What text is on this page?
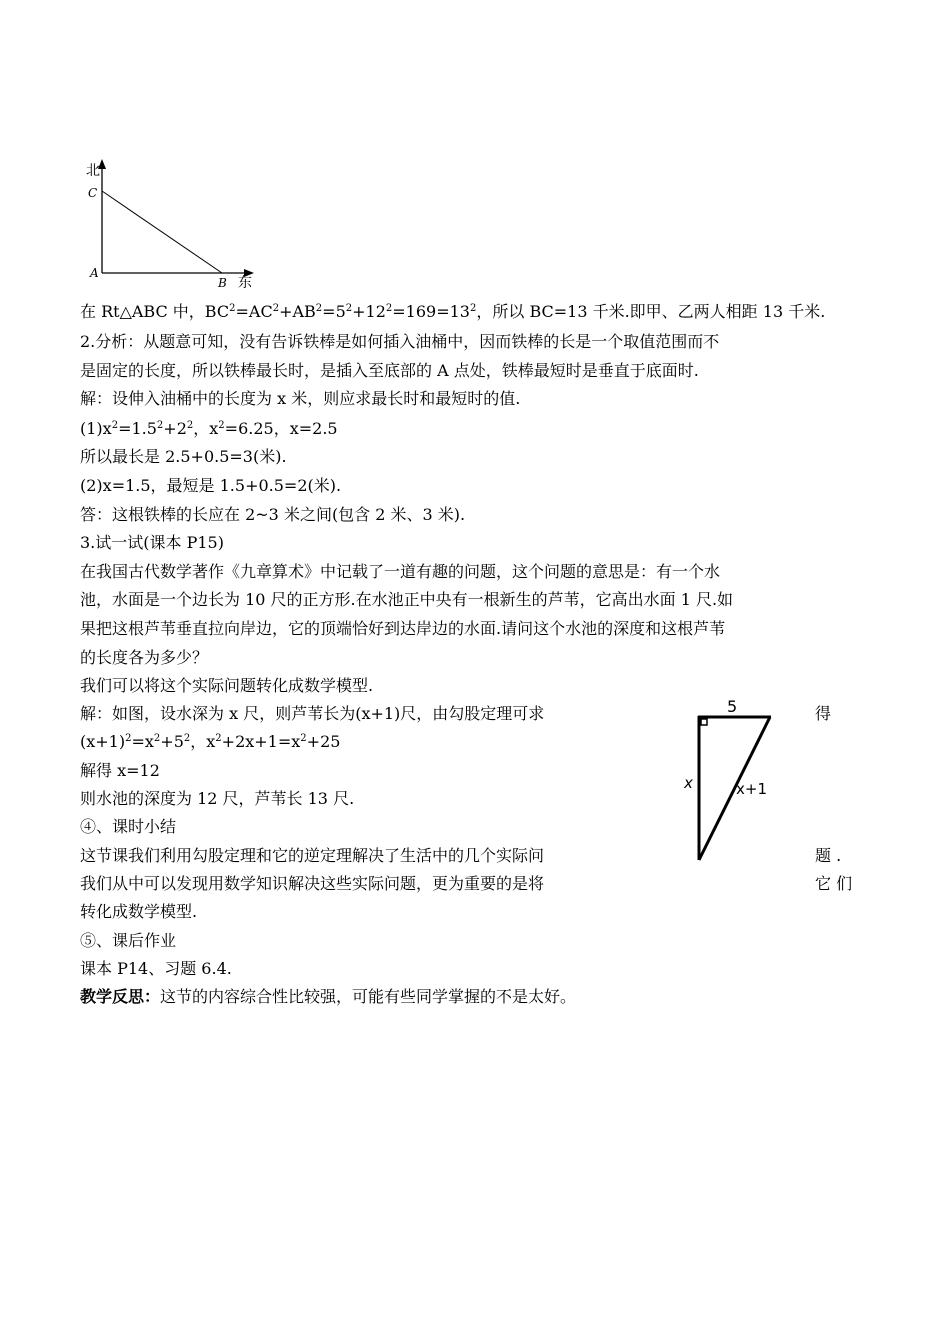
北
C
A
B 东
5
x	x+1
在 Rt△ABC 中，$BC^2=AC^2+AB^2=5^2+12^2=169=13^2$，所以 BC=13 千米.即甲、乙两人相距 13 千米.
2.分析：从题意可知，没有告诉铁棒是如何插入油桶中，因而铁棒的长是一个取值范围而不
是固定的长度，所以铁棒最长时，是插入至底部的 A 点处，铁棒最短时是垂直于底面时.
解：设伸入油桶中的长度为 x 米，则应求最长时和最短时的值.
$(1)x^2=1.5^2+2^2$，$x^2=6.25$，x=2.5
所以最长是 2.5+0.5=3(米).
(2)x=1.5，最短是 1.5+0.5=2(米).
答：这根铁棒的长应在 2~3 米之间(包含 2 米、3 米).
3.试一试(课本 P15)
在我国古代数学著作《九章算术》中记载了一道有趣的问题，这个问题的意思是：有一个水
池，水面是一个边长为 10 尺的正方形.在水池正中央有一根新生的芦苇，它高出水面 1 尺.如
果把这根芦苇垂直拉向岸边，它的顶端恰好到达岸边的水面.请问这个水池的深度和这根芦苇
的长度各为多少？
我们可以将这个实际问题转化成数学模型.
解：如图，设水深为 x 尺，则芦苇长为(x+1)尺，由勾股定理可求	得
$(x+1)^2=x^2+5^2$，$x^2+2x+1=x^2+25$
解得 x=12
则水池的深度为 12 尺，芦苇长 13 尺.
④、课时小结
这节课我们利用勾股定理和它的逆定理解决了生活中的几个实际问	题 .
我们从中可以发现用数学知识解决这些实际问题，更为重要的是将	它 们
转化成数学模型.
⑤、课后作业
课本 P14、习题 6.4.
教学反思：这节的内容综合性比较强，可能有些同学掌握的不是太好。
